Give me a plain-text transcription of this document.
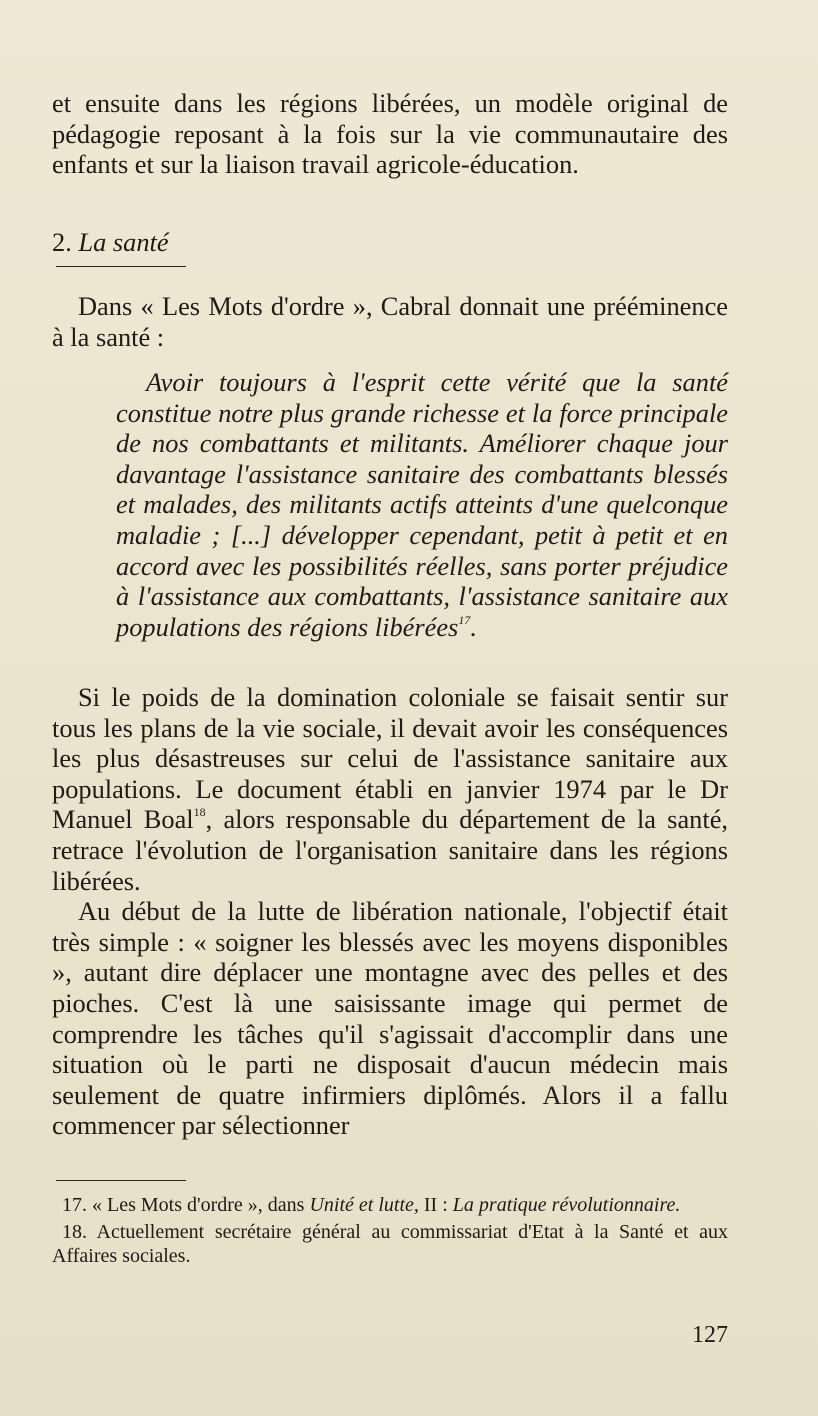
et ensuite dans les régions libérées, un modèle original de pédagogie reposant à la fois sur la vie communautaire des enfants et sur la liaison travail agricole-éducation.

2. La santé

Dans « Les Mots d'ordre », Cabral donnait une prééminence à la santé :

Avoir toujours à l'esprit cette vérité que la santé constitue notre plus grande richesse et la force principale de nos combattants et militants. Améliorer chaque jour davantage l'assistance sanitaire des combattants blessés et malades, des militants actifs atteints d'une quelconque maladie ; [...] développer cependant, petit à petit et en accord avec les possibilités réelles, sans porter préjudice à l'assistance aux combattants, l'assistance sanitaire aux populations des régions libérées$^{17}$.

Si le poids de la domination coloniale se faisait sentir sur tous les plans de la vie sociale, il devait avoir les conséquences les plus désastreuses sur celui de l'assistance sanitaire aux populations. Le document établi en janvier 1974 par le Dr Manuel Boal$^{18}$, alors responsable du département de la santé, retrace l'évolution de l'organisation sanitaire dans les régions libérées.

Au début de la lutte de libération nationale, l'objectif était très simple : « soigner les blessés avec les moyens disponibles », autant dire déplacer une montagne avec des pelles et des pioches. C'est là une saisissante image qui permet de comprendre les tâches qu'il s'agissait d'accomplir dans une situation où le parti ne disposait d'aucun médecin mais seulement de quatre infirmiers diplômés. Alors il a fallu commencer par sélectionner

17. « Les Mots d'ordre », dans Unité et lutte, II : La pratique révolutionnaire.

18. Actuellement secrétaire général au commissariat d'Etat à la Santé et aux Affaires sociales.

127
